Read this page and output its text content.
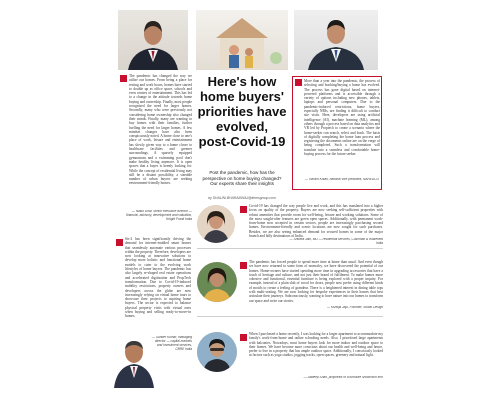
The pandemic has changed the way we utilise our homes. From being a place for resting and work hours, homes have started to double up as office space, schools and even centres of entertainment. This has led to a change in the attitude towards home buying and ownership. Finally, most people recognised the need for larger homes. Secondly, many who were previously not considering home ownership also changed their minds. Finally, many are wanting to buy homes with their families, further fuelling the need for larger homes. A few mindset changes have also been conspicuously noted. A home close to one's place of work, leisure and entertainment has slowly given way to a home closer to healthcare facilities and greener surroundings. A sparsely equipped gymnasium and a swimming pool don't make healthy living anymore. It is open spaces that a buyer is keenly looking for. While the concept of residential living may still be a distant possibility, a sizeable number of urban buyers are seeking environment-friendly homes.
— Nakul Dhar, senior executive director — financial, advisory, development and valuation, Knight Frank India
Here's how
home buyers'
priorities have
evolved,
post-Covid-19
Post the pandemic, how has the perspective on home buying changed? Our experts share their insights
by SHALINI.BHARADWAJ@timesgroup.com
More than a year into the pandemic, the process of selecting and booking/buying a home has evolved. The process has gone digital based on internet-powered platforms and is accessible through a variety of options including new phones, tablets, laptops and personal computers. Due to the pandemic-induced restrictions, home buyers, especially NRIs, are finding it difficult to conduct site visits. Here, developers are using artificial intelligence (AI), machine learning (ML), among others through a process based on data analytics and VR led by Proptech to create a scenario where the home-seeker can search, select and book. The basis of digitally completing the home loan process and registering the documents online are on the verge of being completed. Such a transformation will translate into a seamless and comfortable home-buying process for the future seeker.
— Vikram Kotak, national vice president, NAREDCO
Covid-19 has changed the way people live and work, and this has translated into a higher focus on quality of the property. Buyers are now seeking self-sufficient properties with robust amenities that provide room for well-being, leisure and working solutions. Some of the most sought-after features are green open spaces. Additionally, with permanent work-from-home now accepted in certain sectors, people are increasingly purchasing second homes. Environment-friendly and scenic locations are now sought for such purchases. Besides, we are also seeing enhanced demand for secured homes in some of the major branch and hilly destinations of India.
— Shweta Jain, MD — residential services, Cushman & Wakefield India
Sir-2 has been significantly driving the demand for internet-enabled smart homes that seamlessly automate various processes within the property. Therefore, developers are now looking at innovative solutions to develop more holistic and functional home models to cater to the evolving work lifestyles of home buyers. The pandemic has also largely re-shaped real estate operations and accelerated digitisation and PropTech transformation. Due to Covid-19-induced mobility restrictions, property owners and developers across the globe are now increasingly relying on virtual home tours to showcase their projects to aspiring home buyers. The sector is expected to balance physical property visits with virtual ones when buying and selling ready-to-move-in homes.
— Sunder Kumar, managing director — capital markets and investment services, CBRE India
The pandemic has forced people to spend more time at home than usual. And even though we have now returned to some form of normalcy, we have discovered the potential of our homes. Home-owners have started spending more time in upgrading accessories that have a touch of heritage and culture, and not just their brand of fulfilment. To make homes more cohesive and functional, essential furniture is being explored with a proper inquiry. For example, instead of a plain slab of wood for doors, people now prefer using different kinds of motifs to create a feeling of grandeur. There is a heightened interest in dining table tops with multi-seating. We are now looking for bespoke experiences in their homes that best articulate their journeys. Subconsciously, wanting to have nature into our homes to transform our space and write our stories.
— Kshitija Jaju, Founder, Studio Design
When I purchased a home recently, I was looking for a larger apartment to accommodate my family's work-from-home and online schooling needs. Also, I prioritised large apartments with balconies. Nowadays, most home buyers look for more indoor and outdoor space to their homes. We have become more conscious about our health and well-being and hence, prefer to live in a property that has ample outdoor space. Additionally, I consciously looked at factors such as yoga studios, jogging tracks, open spaces, greenery and natural light.
— Jaideep Shah, proprietor of a furniture showroom firm
